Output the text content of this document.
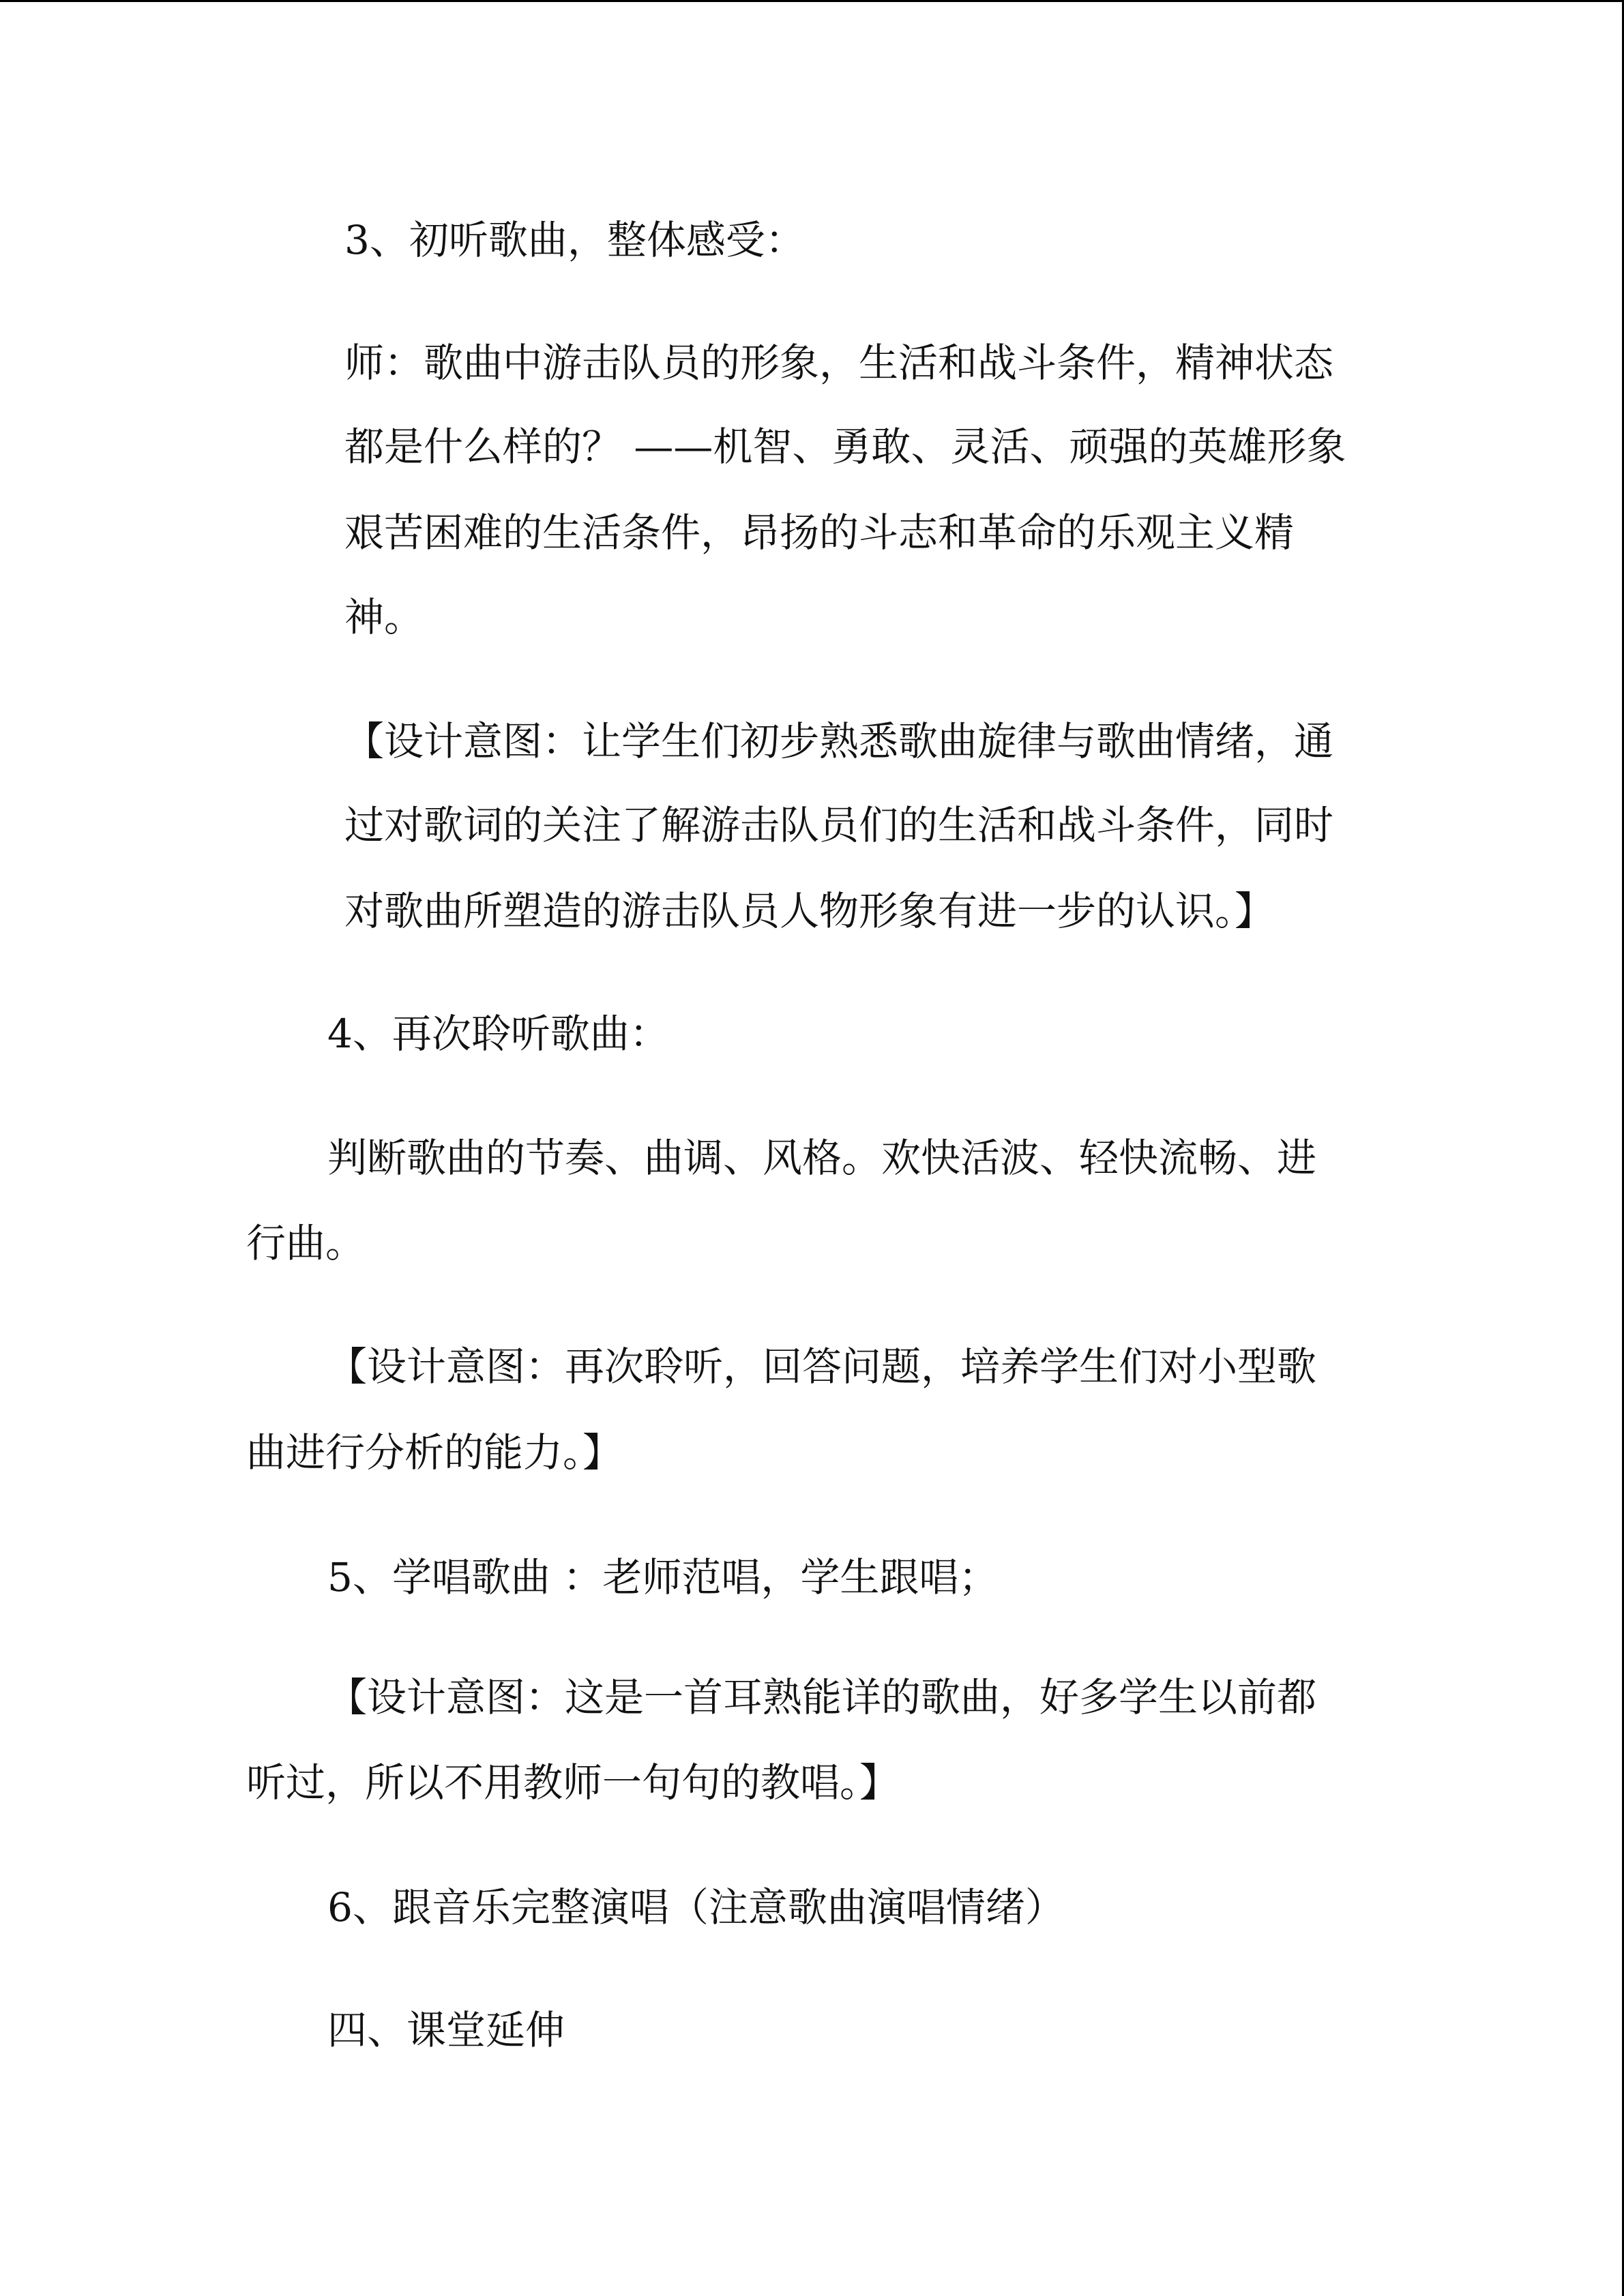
3、初听歌曲，整体感受：

师：歌曲中游击队员的形象，生活和战斗条件，精神状态

都是什么样的？ ——机智、勇敢、灵活、顽强的英雄形象

艰苦困难的生活条件，昂扬的斗志和革命的乐观主义精

神。

【设计意图：让学生们初步熟悉歌曲旋律与歌曲情绪，通

过对歌词的关注了解游击队员们的生活和战斗条件，同时

对歌曲所塑造的游击队员人物形象有进一步的认识。】

4、再次聆听歌曲：

判断歌曲的节奏、曲调、风格。欢快活波、轻快流畅、进

行曲。

【设计意图：再次聆听，回答问题，培养学生们对小型歌

曲进行分析的能力。】

5、学唱歌曲 ：老师范唱，学生跟唱；

【设计意图：这是一首耳熟能详的歌曲，好多学生以前都

听过，所以不用教师一句句的教唱。】

6、跟音乐完整演唱（注意歌曲演唱情绪）

四、课堂延伸
